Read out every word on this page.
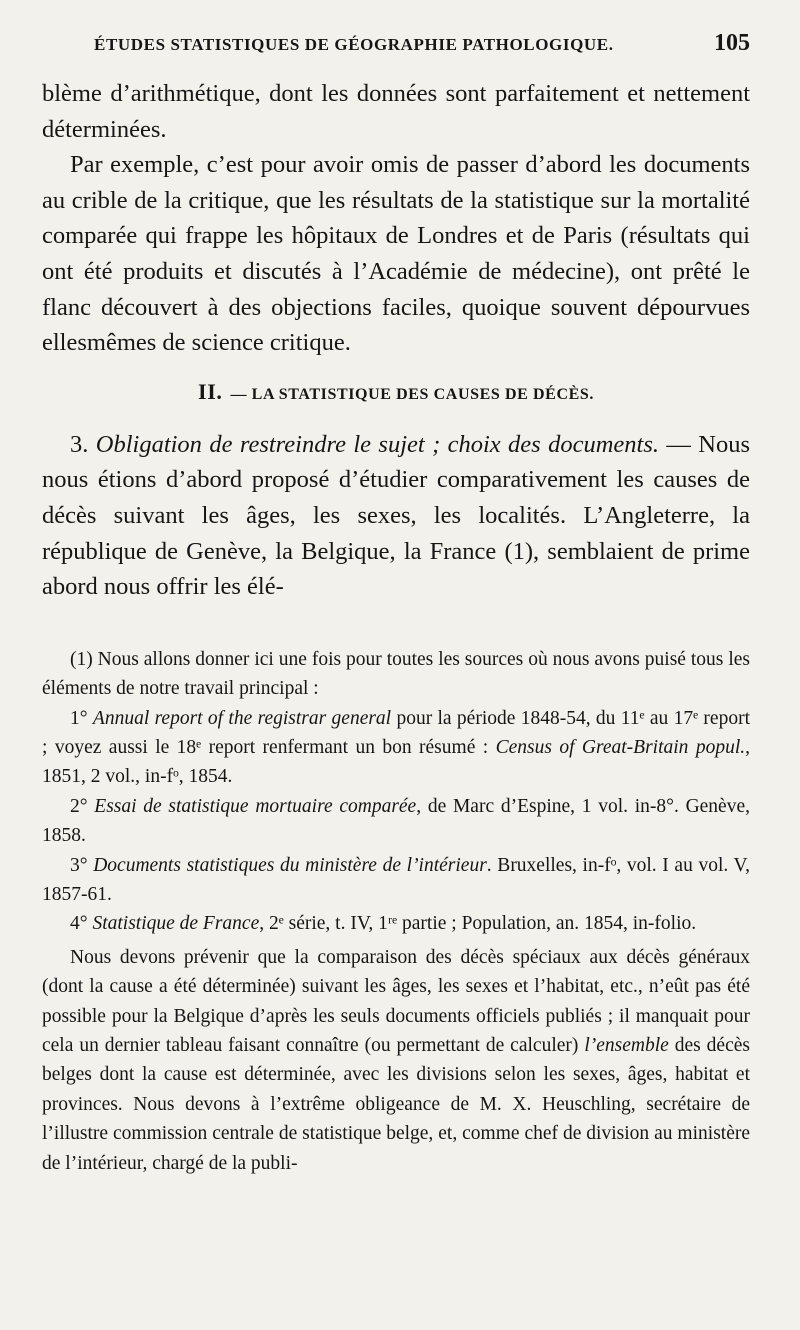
ÉTUDES STATISTIQUES DE GÉOGRAPHIE PATHOLOGIQUE.	105

blème d’arithmétique, dont les données sont parfaitement et nettement déterminées.

Par exemple, c’est pour avoir omis de passer d’abord les documents au crible de la critique, que les résultats de la statistique sur la mortalité comparée qui frappe les hôpitaux de Londres et de Paris (résultats qui ont été produits et discutés à l’Académie de médecine), ont prêté le flanc découvert à des objections faciles, quoique souvent dépourvues ellesmêmes de science critique.

II. — LA STATISTIQUE DES CAUSES DE DÉCÈS.

3. Obligation de restreindre le sujet ; choix des documents. — Nous nous étions d’abord proposé d’étudier comparativement les causes de décès suivant les âges, les sexes, les localités. L’Angleterre, la république de Genève, la Belgique, la France (1), semblaient de prime abord nous offrir les élé-

(1) Nous allons donner ici une fois pour toutes les sources où nous avons puisé tous les éléments de notre travail principal :

1° Annual report of the registrar general pour la période 1848-54, du 11ᵉ au 17ᵉ report ; voyez aussi le 18ᵉ report renfermant un bon résumé : Census of Great-Britain popul., 1851, 2 vol., in-fᵒ, 1854.

2° Essai de statistique mortuaire comparée, de Marc d’Espine, 1 vol. in-8°. Genève, 1858.

3° Documents statistiques du ministère de l’intérieur. Bruxelles, in-fᵒ, vol. I au vol. V, 1857-61.

4° Statistique de France, 2ᵉ série, t. IV, 1ʳᵉ partie ; Population, an. 1854, in-folio.

Nous devons prévenir que la comparaison des décès spéciaux aux décès généraux (dont la cause a été déterminée) suivant les âges, les sexes et l’habitat, etc., n’eût pas été possible pour la Belgique d’après les seuls documents officiels publiés ; il manquait pour cela un dernier tableau faisant connaître (ou permettant de calculer) l’ensemble des décès belges dont la cause est déterminée, avec les divisions selon les sexes, âges, habitat et provinces. Nous devons à l’extrême obligeance de M. X. Heuschling, secrétaire de l’illustre commission centrale de statistique belge, et, comme chef de division au ministère de l’intérieur, chargé de la publi-
